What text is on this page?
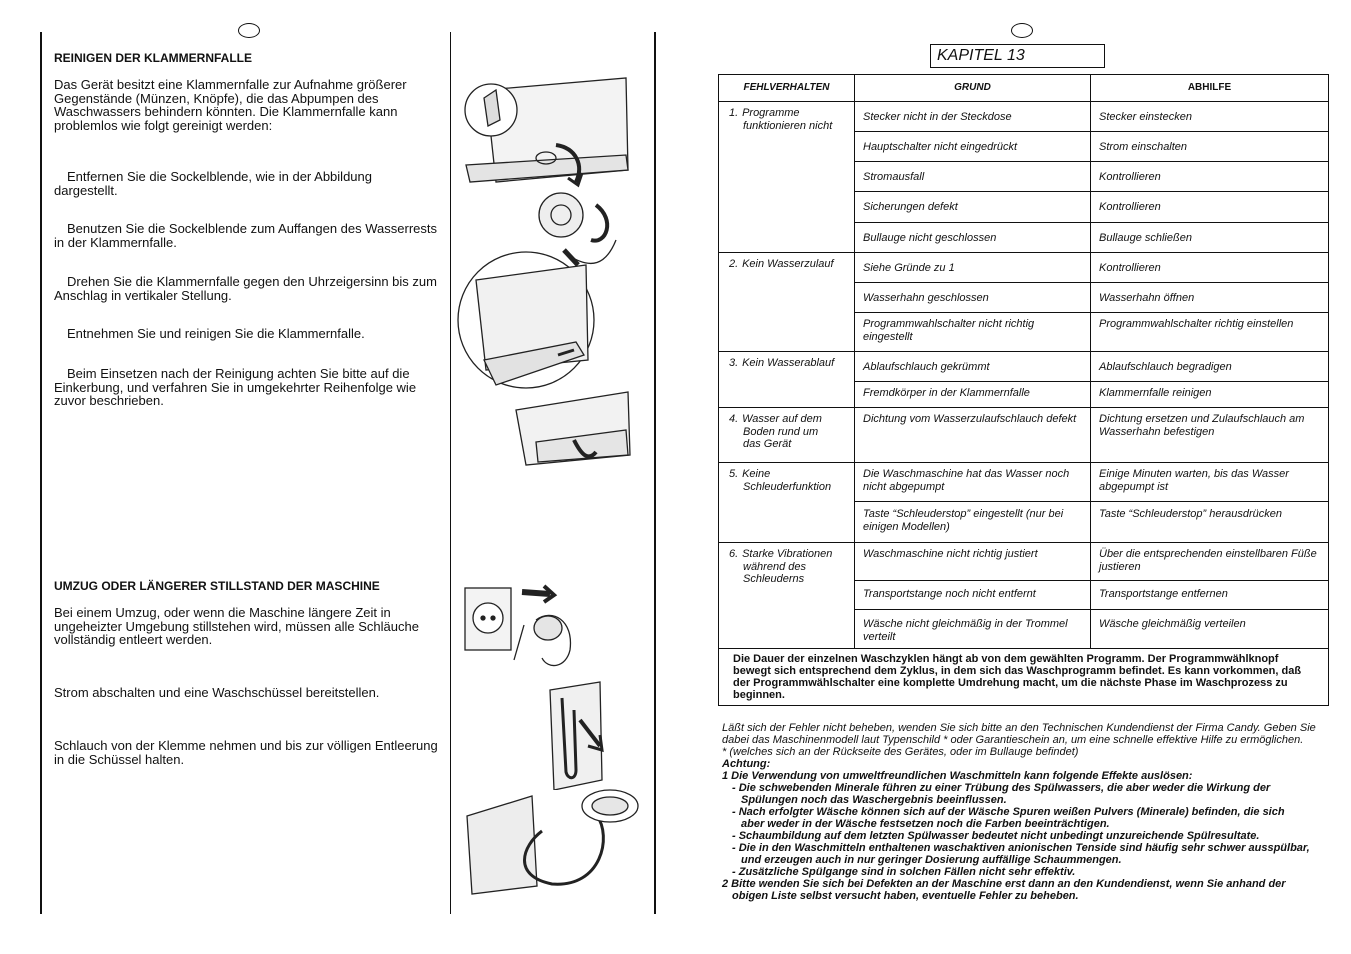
REINIGEN DER KLAMMERNFALLE
Das Gerät besitzt eine Klammernfalle zur Aufnahme größerer Gegenstände (Münzen, Knöpfe), die das Abpumpen des Waschwassers behindern könnten. Die Klammernfalle kann problemlos wie folgt gereinigt werden:
Entfernen Sie die Sockelblende, wie in der Abbildung dargestellt.
Benutzen Sie die Sockelblende zum Auffangen des Wasserrests in der Klammernfalle.
Drehen Sie die Klammernfalle gegen den Uhrzeigersinn bis zum Anschlag in vertikaler Stellung.
Entnehmen Sie und reinigen Sie die Klammernfalle.
Beim Einsetzen nach der Reinigung achten Sie bitte auf die Einkerbung, und verfahren Sie in umgekehrter Reihenfolge wie zuvor beschrieben.
UMZUG ODER LÄNGERER STILLSTAND DER MASCHINE
Bei einem Umzug, oder wenn die Maschine längere Zeit in ungeheizter Umgebung stillstehen wird, müssen alle Schläuche vollständig entleert werden.
Strom abschalten und eine Waschschüssel bereitstellen.
Schlauch von der Klemme nehmen und bis zur völligen Entleerung in die Schüssel halten.
KAPITEL 13
FEHLVERHALTEN	GRUND	ABHILFE

1. Programme
funktionieren nicht	Stecker nicht in der Steckdose	Stecker einstecken

	Hauptschalter nicht eingedrückt	Strom einschalten

	Stromausfall	Kontrollieren

	Sicherungen defekt	Kontrollieren

	Bullauge nicht geschlossen	Bullauge schließen

2. Kein Wasserzulauf	Siehe Gründe zu 1	Kontrollieren

	Wasserhahn geschlossen	Wasserhahn öffnen

	Programmwahlschalter nicht richtig eingestellt	Programmwahlschalter richtig einstellen

3. Kein Wasserablauf	Ablaufschlauch gekrümmt	Ablaufschlauch begradigen

	Fremdkörper in der Klammernfalle	Klammernfalle reinigen

4. Wasser auf dem
Boden rund um
das Gerät	Dichtung vom Wasserzulaufschlauch defekt	Dichtung ersetzen und Zulaufschlauch am Wasserhahn befestigen

5. Keine
Schleuderfunktion	Die Waschmaschine hat das Wasser noch nicht abgepumpt	Einige Minuten warten, bis das Wasser abgepumpt ist

	Taste “Schleuderstop” eingestellt (nur bei einigen Modellen)	Taste “Schleuderstop” herausdrücken

6. Starke Vibrationen
während des
Schleuderns	Waschmaschine nicht richtig justiert	Über die entsprechenden einstellbaren Füße justieren

	Transportstange noch nicht entfernt	Transportstange entfernen

	Wäsche nicht gleichmäßig in der Trommel verteilt	Wäsche gleichmäßig verteilen

Die Dauer der einzelnen Waschzyklen hängt ab von dem gewählten Programm. Der Programmwählknopf bewegt sich entsprechend dem Zyklus, in dem sich das Waschprogramm befindet. Es kann vorkommen, daß der Programmwählschalter eine komplette Umdrehung macht, um die nächste Phase im Waschprozess zu beginnen.		
Läßt sich der Fehler nicht beheben, wenden Sie sich bitte an den Technischen Kundendienst der Firma Candy. Geben Sie dabei das Maschinenmodell laut Typenschild * oder Garantieschein an, um eine schnelle effektive Hilfe zu ermöglichen.
* (welches sich an der Rückseite des Gerätes, oder im Bullauge befindet)
Achtung:
1 Die Verwendung von umweltfreundlichen Waschmitteln kann folgende Effekte auslösen:
- Die schwebenden Minerale führen zu einer Trübung des Spülwassers, die aber weder die Wirkung der
Spülungen noch das Waschergebnis beeinflussen.
- Nach erfolgter Wäsche können sich auf der Wäsche Spuren weißen Pulvers (Minerale) befinden, die sich
aber weder in der Wäsche festsetzen noch die Farben beeinträchtigen.
- Schaumbildung auf dem letzten Spülwasser bedeutet nicht unbedingt unzureichende Spülresultate.
- Die in den Waschmitteln enthaltenen waschaktiven anionischen Tenside sind häufig sehr schwer ausspülbar,
und erzeugen auch in nur geringer Dosierung auffällige Schaummengen.
- Zusätzliche Spülgange sind in solchen Fällen nicht sehr effektiv.
2 Bitte wenden Sie sich bei Defekten an der Maschine erst dann an den Kundendienst, wenn Sie anhand der
obigen Liste selbst versucht haben, eventuelle Fehler zu beheben.
